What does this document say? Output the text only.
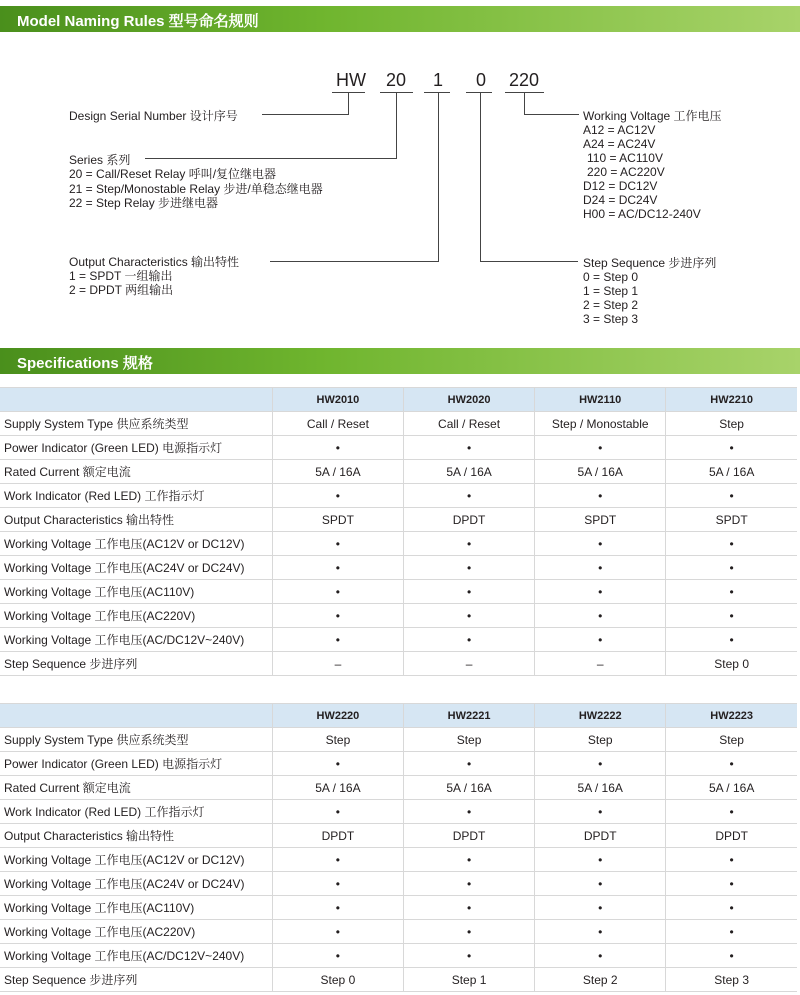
Model Naming Rules 型号命名规则
HW 20 1 0 220
Design Serial Number 设计序号
Series 系列
20 = Call/Reset Relay 呼叫/复位继电器
21 = Step/Monostable Relay 步进/单稳态继电器
22 = Step Relay 步进继电器
Output Characteristics 输出特性
1 = SPDT 一组输出
2 = DPDT 两组输出
Working Voltage 工作电压
A12 = AC12V
A24 = AC24V
110 = AC110V
220 = AC220V
D12 = DC12V
D24 = DC24V
H00 = AC/DC12-240V
Step Sequence 步进序列
0 = Step 0
1 = Step 1
2 = Step 2
3 = Step 3
Specifications 规格
	HW2010	HW2020	HW2110	HW2210
Supply System Type 供应系统类型	Call / Reset	Call / Reset	Step / Monostable	Step
Power Indicator (Green LED) 电源指示灯	•	•	•	•
Rated Current 额定电流	5A / 16A	5A / 16A	5A / 16A	5A / 16A
Work Indicator (Red LED) 工作指示灯	•	•	•	•
Output Characteristics 输出特性	SPDT	DPDT	SPDT	SPDT
Working Voltage 工作电压(AC12V or DC12V)	•	•	•	•
Working Voltage 工作电压(AC24V or DC24V)	•	•	•	•
Working Voltage 工作电压(AC110V)	•	•	•	•
Working Voltage 工作电压(AC220V)	•	•	•	•
Working Voltage 工作电压(AC/DC12V~240V)	•	•	•	•
Step Sequence 步进序列	–	–	–	Step 0
	HW2220	HW2221	HW2222	HW2223
Supply System Type 供应系统类型	Step	Step	Step	Step
Power Indicator (Green LED) 电源指示灯	•	•	•	•
Rated Current 额定电流	5A / 16A	5A / 16A	5A / 16A	5A / 16A
Work Indicator (Red LED) 工作指示灯	•	•	•	•
Output Characteristics 输出特性	DPDT	DPDT	DPDT	DPDT
Working Voltage 工作电压(AC12V or DC12V)	•	•	•	•
Working Voltage 工作电压(AC24V or DC24V)	•	•	•	•
Working Voltage 工作电压(AC110V)	•	•	•	•
Working Voltage 工作电压(AC220V)	•	•	•	•
Working Voltage 工作电压(AC/DC12V~240V)	•	•	•	•
Step Sequence 步进序列	Step 0	Step 1	Step 2	Step 3
